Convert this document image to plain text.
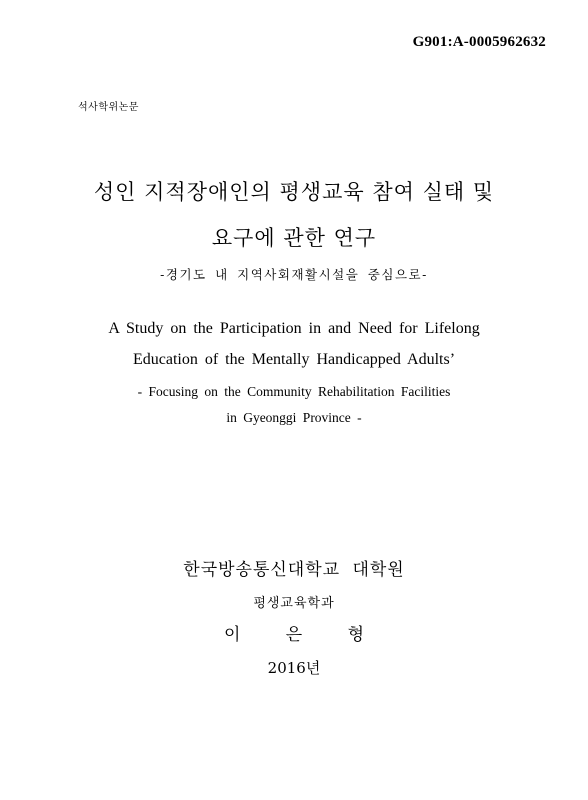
G901:A-0005962632
석사학위논문
성인 지적장애인의 평생교육 참여 실태 및
요구에 관한 연구
-경기도 내 지역사회재활시설을 중심으로-
A Study on the Participation in and Need for Lifelong
Education of the Mentally Handicapped Adults’
- Focusing on the Community Rehabilitation Facilities
in Gyeonggi Province -
한국방송통신대학교 대학원
평생교육학과
이 은 형
2016년
